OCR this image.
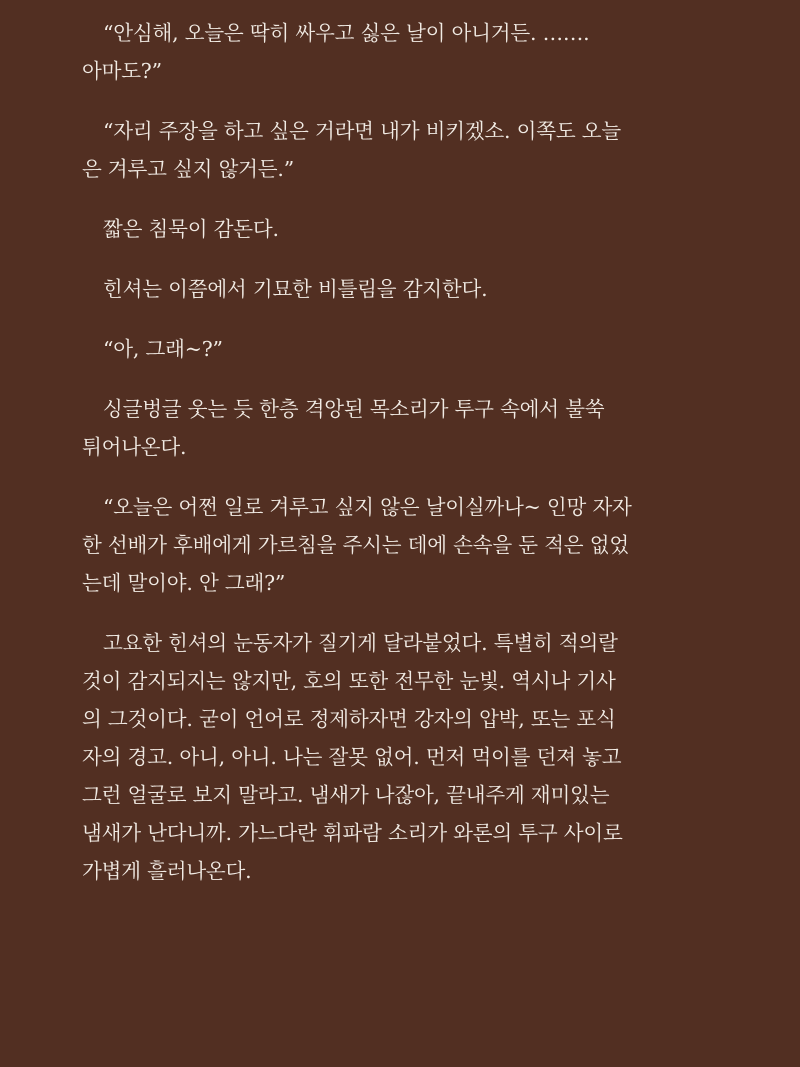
“안심해, 오늘은 딱히 싸우고 싫은 날이 아니거든. …….
아마도?”

“자리 주장을 하고 싶은 거라면 내가 비키겠소. 이쪽도 오늘
은 겨루고 싶지 않거든.”

짧은 침묵이 감돈다.

힌셔는 이쯤에서 기묘한 비틀림을 감지한다.

“아, 그래~?”

싱글벙글 웃는 듯 한층 격앙된 목소리가 투구 속에서 불쑥
튀어나온다.

“오늘은 어쩐 일로 겨루고 싶지 않은 날이실까나~ 인망 자자
한 선배가 후배에게 가르침을 주시는 데에 손속을 둔 적은 없었
는데 말이야. 안 그래?”

고요한 힌셔의 눈동자가 질기게 달라붙었다. 특별히 적의랄
것이 감지되지는 않지만, 호의 또한 전무한 눈빛. 역시나 기사
의 그것이다. 굳이 언어로 정제하자면 강자의 압박, 또는 포식
자의 경고. 아니, 아니. 나는 잘못 없어. 먼저 먹이를 던져 놓고
그런 얼굴로 보지 말라고. 냄새가 나잖아, 끝내주게 재미있는
냄새가 난다니까. 가느다란 휘파람 소리가 와론의 투구 사이로
가볍게 흘러나온다.
